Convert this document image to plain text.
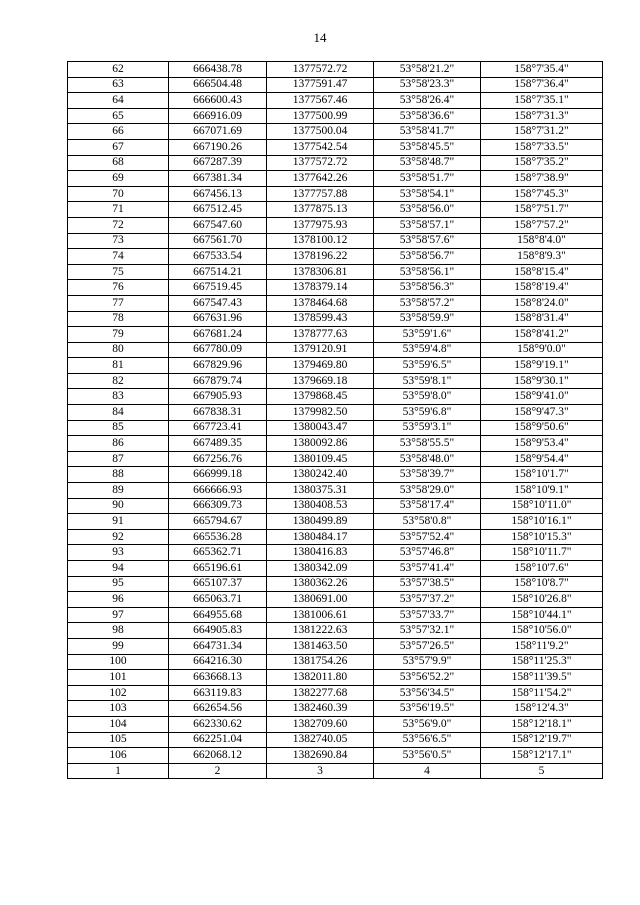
14
62	666438.78	1377572.72	53°58'21.2"	158°7'35.4"
63	666504.48	1377591.47	53°58'23.3"	158°7'36.4"
64	666600.43	1377567.46	53°58'26.4"	158°7'35.1"
65	666916.09	1377500.99	53°58'36.6"	158°7'31.3"
66	667071.69	1377500.04	53°58'41.7"	158°7'31.2"
67	667190.26	1377542.54	53°58'45.5"	158°7'33.5"
68	667287.39	1377572.72	53°58'48.7"	158°7'35.2"
69	667381.34	1377642.26	53°58'51.7"	158°7'38.9"
70	667456.13	1377757.88	53°58'54.1"	158°7'45.3"
71	667512.45	1377875.13	53°58'56.0"	158°7'51.7"
72	667547.60	1377975.93	53°58'57.1"	158°7'57.2"
73	667561.70	1378100.12	53°58'57.6"	158°8'4.0"
74	667533.54	1378196.22	53°58'56.7"	158°8'9.3"
75	667514.21	1378306.81	53°58'56.1"	158°8'15.4"
76	667519.45	1378379.14	53°58'56.3"	158°8'19.4"
77	667547.43	1378464.68	53°58'57.2"	158°8'24.0"
78	667631.96	1378599.43	53°58'59.9"	158°8'31.4"
79	667681.24	1378777.63	53°59'1.6"	158°8'41.2"
80	667780.09	1379120.91	53°59'4.8"	158°9'0.0"
81	667829.96	1379469.80	53°59'6.5"	158°9'19.1"
82	667879.74	1379669.18	53°59'8.1"	158°9'30.1"
83	667905.93	1379868.45	53°59'8.0"	158°9'41.0"
84	667838.31	1379982.50	53°59'6.8"	158°9'47.3"
85	667723.41	1380043.47	53°59'3.1"	158°9'50.6"
86	667489.35	1380092.86	53°58'55.5"	158°9'53.4"
87	667256.76	1380109.45	53°58'48.0"	158°9'54.4"
88	666999.18	1380242.40	53°58'39.7"	158°10'1.7"
89	666666.93	1380375.31	53°58'29.0"	158°10'9.1"
90	666309.73	1380408.53	53°58'17.4"	158°10'11.0"
91	665794.67	1380499.89	53°58'0.8"	158°10'16.1"
92	665536.28	1380484.17	53°57'52.4"	158°10'15.3"
93	665362.71	1380416.83	53°57'46.8"	158°10'11.7"
94	665196.61	1380342.09	53°57'41.4"	158°10'7.6"
95	665107.37	1380362.26	53°57'38.5"	158°10'8.7"
96	665063.71	1380691.00	53°57'37.2"	158°10'26.8"
97	664955.68	1381006.61	53°57'33.7"	158°10'44.1"
98	664905.83	1381222.63	53°57'32.1"	158°10'56.0"
99	664731.34	1381463.50	53°57'26.5"	158°11'9.2"
100	664216.30	1381754.26	53°57'9.9"	158°11'25.3"
101	663668.13	1382011.80	53°56'52.2"	158°11'39.5"
102	663119.83	1382277.68	53°56'34.5"	158°11'54.2"
103	662654.56	1382460.39	53°56'19.5"	158°12'4.3"
104	662330.62	1382709.60	53°56'9.0"	158°12'18.1"
105	662251.04	1382740.05	53°56'6.5"	158°12'19.7"
106	662068.12	1382690.84	53°56'0.5"	158°12'17.1"
1	2	3	4	5
